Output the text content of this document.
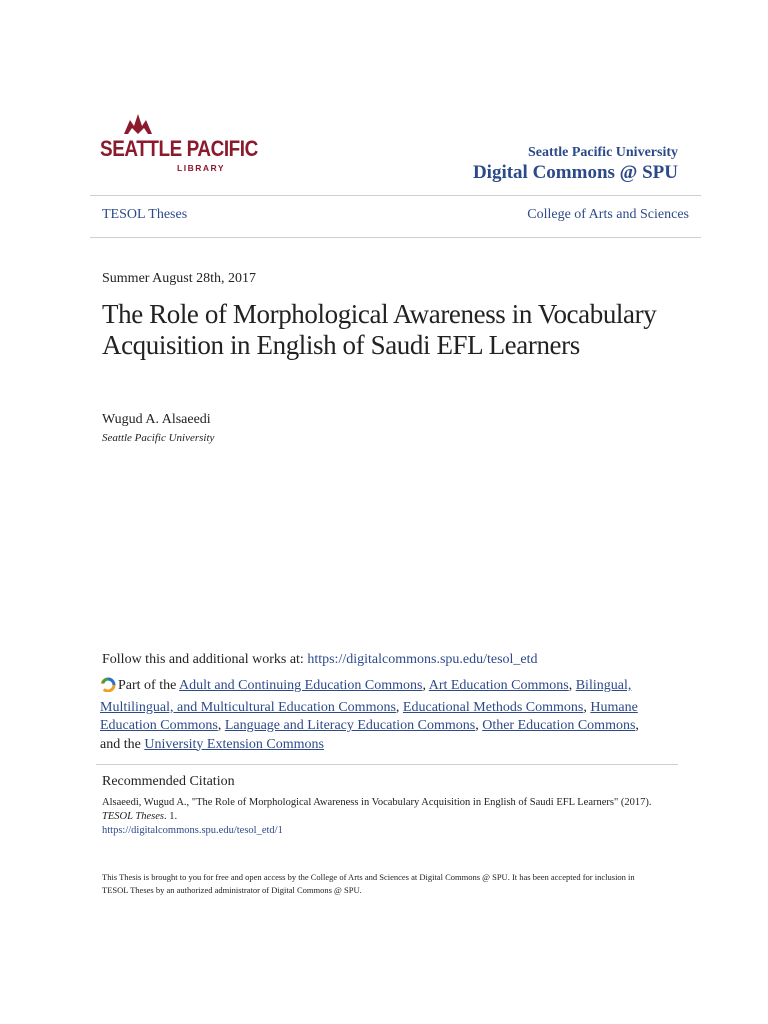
SEATTLE PACIFIC
LIBRARY
Seattle Pacific University
Digital Commons @ SPU
TESOL Theses	College of Arts and Sciences
Summer August 28th, 2017
The Role of Morphological Awareness in Vocabulary Acquisition in English of Saudi EFL Learners
Wugud A. Alsaeedi
Seattle Pacific University
Follow this and additional works at: https://digitalcommons.spu.edu/tesol_etd
Part of the Adult and Continuing Education Commons, Art Education Commons, Bilingual, Multilingual, and Multicultural Education Commons, Educational Methods Commons, Humane Education Commons, Language and Literacy Education Commons, Other Education Commons,
and the University Extension Commons
Recommended Citation
Alsaeedi, Wugud A., "The Role of Morphological Awareness in Vocabulary Acquisition in English of Saudi EFL Learners" (2017).
TESOL Theses. 1.
https://digitalcommons.spu.edu/tesol_etd/1
This Thesis is brought to you for free and open access by the College of Arts and Sciences at Digital Commons @ SPU. It has been accepted for inclusion in TESOL Theses by an authorized administrator of Digital Commons @ SPU.
